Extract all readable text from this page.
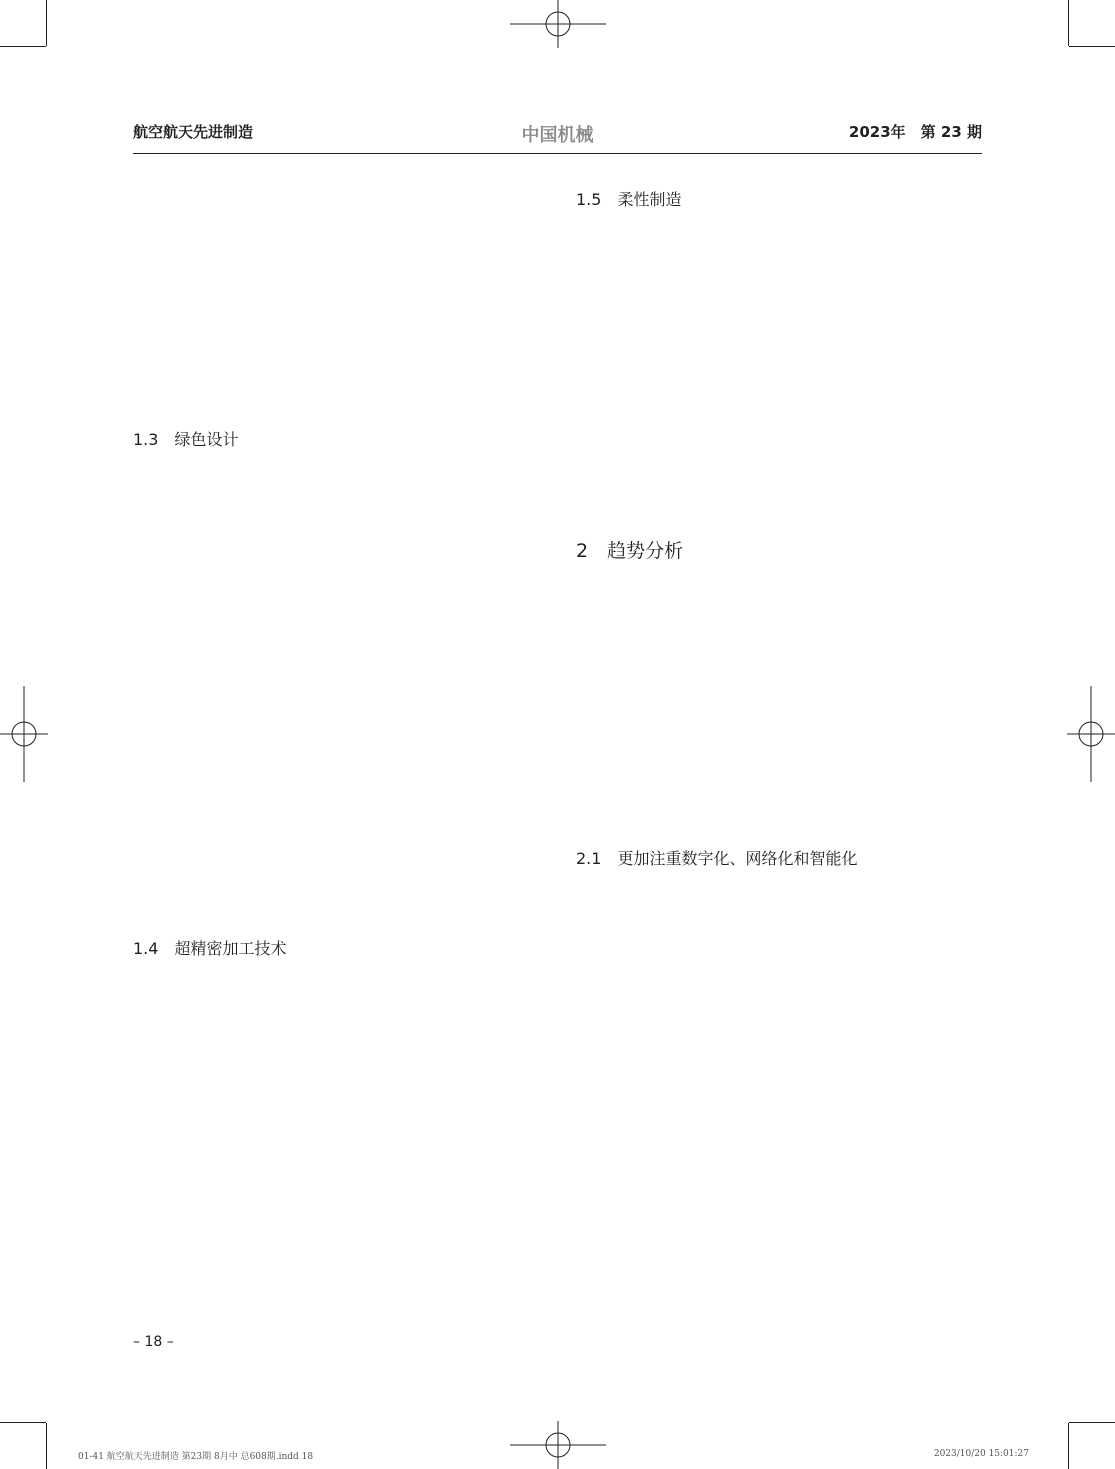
航空航天先进制造	中国机械	2023年　第 23 期
1.3　绿色设计
1.4　超精密加工技术
1.5　柔性制造
2　趋势分析
2.1　更加注重数字化、网络化和智能化
– 18 –
01-41 航空航天先进制造 第23期 8月中 总608期.indd 18	2023/10/20 15:01:27
